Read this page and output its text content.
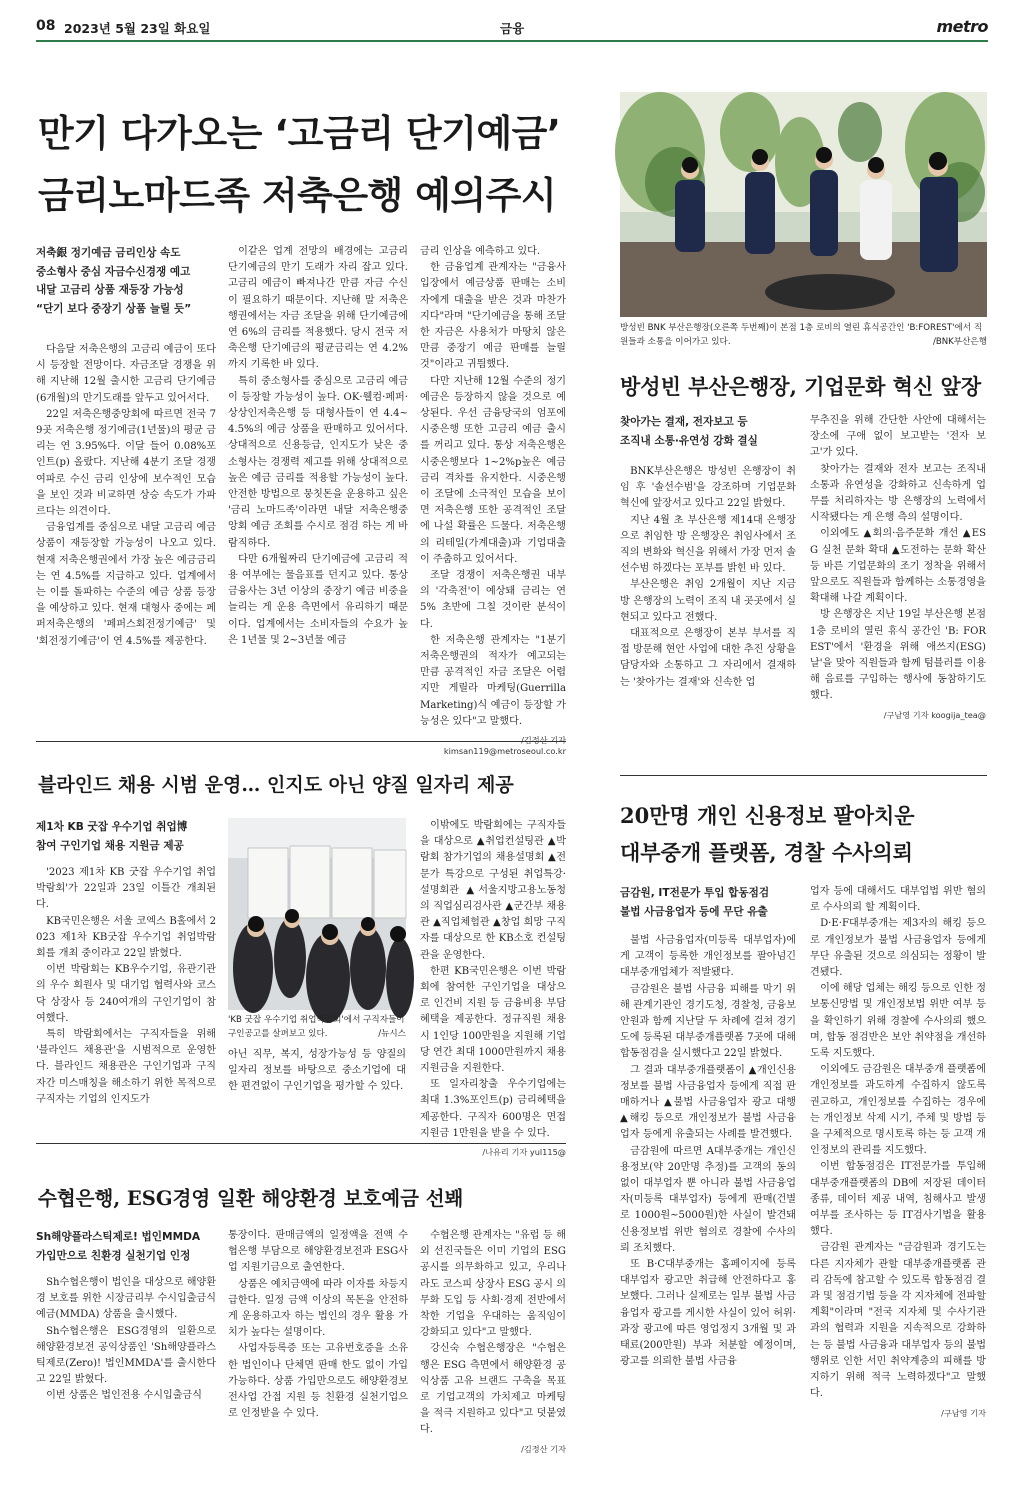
08 2023년 5월 23일 화요일	금융	metro
만기 다가오는 ‘고금리 단기예금’
금리노마드족 저축은행 예의주시
저축銀 정기예금 금리인상 속도
중소형사 중심 자금수신경쟁 예고
내달 고금리 상품 재등장 가능성
“단기 보다 중장기 상품 늘릴 듯”

다음달 저축은행의 고금리 예금이 또다시 등장할 전망이다. 자금조달 경쟁을 위해 지난해 12월 출시한 고금리 단기예금(6개월)의 만기도래를 앞두고 있어서다.

22일 저축은행중앙회에 따르면 전국 79곳 저축은행 정기예금(1년물)의 평균 금리는 연 3.95%다. 이달 들어 0.08%포인트(p) 올랐다. 지난해 4분기 조달 경쟁 여파로 수신 금리 인상에 보수적인 모습을 보인 것과 비교하면 상승 속도가 가파르다는 의견이다.

금융업계를 중심으로 내달 고금리 예금 상품이 재등장할 가능성이 나오고 있다. 현재 저축은행권에서 가장 높은 예금금리는 연 4.5%를 지급하고 있다. 업계에서는 이를 돌파하는 수준의 예금 상품 등장을 예상하고 있다. 현재 대형사 중에는 페퍼저축은행의 '페퍼스회전정기예금' 및 '회전정기예금'이 연 4.5%를 제공한다.

이같은 업계 전망의 배경에는 고금리 단기예금의 만기 도래가 자리 잡고 있다. 고금리 예금이 빠져나간 만큼 자금 수신이 필요하기 때문이다. 지난해 말 저축은행권에서는 자금 조달을 위해 단기예금에 연 6%의 금리를 적용했다. 당시 전국 저축은행 단기예금의 평균금리는 연 4.2%까지 기록한 바 있다.

특히 중소형사를 중심으로 고금리 예금이 등장할 가능성이 높다. OK·웰컴·페퍼·상상인저축은행 등 대형사들이 연 4.4~4.5%의 예금 상품을 판매하고 있어서다. 상대적으로 신용등급, 인지도가 낮은 중소형사는 경쟁력 제고를 위해 상대적으로 높은 예금 금리를 적용할 가능성이 높다. 안전한 방법으로 뭉칫돈을 운용하고 싶은 '금리 노마드족'이라면 내달 저축은행중앙회 예금 조회를 수시로 점검 하는 게 바람직하다.

다만 6개월짜리 단기예금에 고금리 적용 여부에는 물음표를 던지고 있다. 통상 금융사는 3년 이상의 중장기 예금 비중을 늘리는 게 운용 측면에서 유리하기 때문이다. 업계에서는 소비자들의 수요가 높은 1년물 및 2~3년물 예금

금리 인상을 예측하고 있다.

한 금융업계 관계자는 "금융사 입장에서 예금상품 판매는 소비자에게 대출을 받은 것과 마찬가지다"라며 "단기예금을 통해 조달한 자금은 사용처가 마땅치 않은 만큼 중장기 예금 판매를 늘릴 것"이라고 귀띔했다.

다만 지난해 12월 수준의 정기 예금은 등장하지 않을 것으로 예상된다. 우선 금융당국의 엄포에 시중은행 또한 고금리 예금 출시를 꺼리고 있다. 통상 저축은행은 시중은행보다 1~2%p높은 예금 금리 격차를 유지한다. 시중은행이 조달에 소극적인 모습을 보이면 저축은행 또한 공격적인 조달에 나설 확률은 드물다. 저축은행의 리테일(가계대출)과 기업대출이 주춤하고 있어서다.

조달 경쟁이 저축은행권 내부의 '각축전'이 예상돼 금리는 연 5% 초반에 그칠 것이란 분석이다.

한 저축은행 관계자는 "1분기 저축은행권의 적자가 예고되는 만큼 공격적인 자금 조달은 어렵지만 게릴라 마케팅(Guerrilla Marketing)식 예금이 등장할 가능성은 있다"고 말했다.

kimsan119@metroseoul.co.kr
방성빈 BNK 부산은행장(오른쪽 두번째)이 본점 1층 로비의 열린 휴식공간인 'B:FOREST'에서 직원들과 소통을 이어가고 있다.	/BNK부산은행
방성빈 부산은행장, 기업문화 혁신 앞장
찾아가는 결재, 전자보고 등
조직내 소통·유연성 강화 결실

BNK부산은행은 방성빈 은행장이 취임 후 '솔선수범'을 강조하며 기업문화 혁신에 앞장서고 있다고 22일 밝혔다.

지난 4월 초 부산은행 제14대 은행장으로 취임한 방 은행장은 취임사에서 조직의 변화와 혁신을 위해서 가장 먼저 솔선수범 하겠다는 포부를 밝힌 바 있다.

부산은행은 취임 2개월이 지난 지금 방 은행장의 노력이 조직 내 곳곳에서 실현되고 있다고 전했다.

대표적으로 은행장이 본부 부서를 직접 방문해 현안 사업에 대한 추진 상황을 담당자와 소통하고 그 자리에서 결재하는 '찾아가는 결재'와 신속한 업

무추진을 위해 간단한 사안에 대해서는 장소에 구애 없이 보고받는 '전자 보고'가 있다.

찾아가는 결재와 전자 보고는 조직내 소통과 유연성을 강화하고 신속하게 업무를 처리하자는 방 은행장의 노력에서 시작됐다는 게 은행 측의 설명이다.

이외에도 ▲회의·음주문화 개선 ▲ESG 실천 문화 확대 ▲도전하는 문화 확산 등 바른 기업문화의 조기 정착을 위해서 앞으로도 직원들과 함께하는 소통경영을 확대해 나갈 계획이다.

방 은행장은 지난 19일 부산은행 본점 1층 로비의 열린 휴식 공간인 'B: FOREST'에서 '환경을 위해 애쓰지(ESG) 날'을 맞아 직원들과 함께 텀블러를 이용해 음료를 구입하는 행사에 동참하기도 했다.

/구남영 기자 koogija_tea@
블라인드 채용 시범 운영… 인지도 아닌 양질 일자리 제공
제1차 KB 굿잡 우수기업 취업博
참여 구인기업 채용 지원금 제공

'2023 제1차 KB 굿잡 우수기업 취업박람회'가 22일과 23일 이틀간 개최된다.

KB국민은행은 서울 코엑스 B홀에서 2023 제1차 KB굿잡 우수기업 취업박람회를 개최 중이라고 22일 밝혔다.

이번 박람회는 KB우수기업, 유관기관의 우수 회원사 및 대기업 협력사와 코스닥 상장사 등 240여개의 구인기업이 참여했다.

특히 박람회에서는 구직자들을 위해 '블라인드 채용관'을 시범적으로 운영한다. 블라인드 채용관은 구인기업과 구직자간 미스매칭을 해소하기 위한 목적으로 구직자는 기업의 인지도가

'KB 굿잡 우수기업 취업박람회'에서 구직자들이 구인공고를 살펴보고 있다.	/뉴시스

아닌 직무, 복지, 성장가능성 등 양질의 일자리 정보를 바탕으로 중소기업에 대한 편견없이 구인기업을 평가할 수 있다.

이밖에도 박람회에는 구직자들을 대상으로 ▲취업컨설팅관 ▲박람회 참가기업의 채용설명회 ▲전문가 특강으로 구성된 취업특강·설명회관 ▲서울지방고용노동청의 직업심리검사관 ▲군간부 채용관 ▲직업체험관 ▲창업 희망 구직자를 대상으로 한 KB소호 컨설팅관을 운영한다.

한편 KB국민은행은 이번 박람회에 참여한 구인기업을 대상으로 인건비 지원 등 금융비용 부담혜택을 제공한다. 정규직원 채용시 1인당 100만원을 지원해 기업당 연간 최대 1000만원까지 채용지원금을 지원한다.

또 일자리창출 우수기업에는 최대 1.3%포인트(p) 금리혜택을 제공한다. 구직자 600명은 면접지원금 1만원을 받을 수 있다.

/나유리 기자 yul115@
20만명 개인 신용정보 팔아치운
대부중개 플랫폼, 경찰 수사의뢰
금감원, IT전문가 투입 합동점검
불법 사금융업자 등에 무단 유출

불법 사금융업자(미등록 대부업자)에게 고객이 등록한 개인정보를 팔아넘긴 대부중개업체가 적발됐다.

금감원은 불법 사금융 피해를 막기 위해 관계기관인 경기도청, 경찰청, 금융보안원과 함께 지난달 두 차례에 걸쳐 경기도에 등록된 대부중개플랫폼 7곳에 대해 합동점검을 실시했다고 22일 밝혔다.

그 결과 대부중개플랫폼이 ▲개인신용정보를 불법 사금융업자 등에게 직접 판매하거나 ▲불법 사금융업자 광고 대행 ▲해킹 등으로 개인정보가 불법 사금융업자 등에게 유출되는 사례를 발견했다.

금감원에 따르면 A대부중개는 개인신용정보(약 20만명 추정)를 고객의 동의 없이 대부업자 뿐 아니라 불법 사금융업자(미등록 대부업자) 등에게 판매(건별로 1000원~5000원)한 사실이 발견돼 신용정보법 위반 혐의로 경찰에 수사의뢰 조치했다.

또 B·C대부중개는 홈페이지에 등록 대부업자 광고만 취급해 안전하다고 홍보했다. 그러나 실제로는 일부 불법 사금융업자 광고를 게시한 사실이 있어 허위·과장 광고에 따른 영업정지 3개월 및 과태료(200만원) 부과 처분할 예정이며, 광고를 의뢰한 불법 사금융

업자 등에 대해서도 대부업법 위반 혐의로 수사의뢰 할 계획이다.

D·E·F대부중개는 제3자의 해킹 등으로 개인정보가 불법 사금융업자 등에게 무단 유출된 것으로 의심되는 정황이 발견됐다.

이에 해당 업체는 해킹 등으로 인한 정보통신망법 및 개인정보법 위반 여부 등을 확인하기 위해 경찰에 수사의뢰 했으며, 합동 점검반은 보안 취약점을 개선하도록 지도했다.

이외에도 금감원은 대부중개 플랫폼에 개인정보를 과도하게 수집하지 않도록 권고하고, 개인정보를 수집하는 경우에는 개인정보 삭제 시기, 주체 및 방법 등을 구체적으로 명시토록 하는 등 고객 개인정보의 관리를 지도했다.

이번 합동점검은 IT전문가를 투입해 대부중개플랫폼의 DB에 저장된 데이터 종류, 데이터 제공 내역, 침해사고 발생여부를 조사하는 등 IT검사기법을 활용했다.

금감원 관계자는 "금감원과 경기도는 다른 지자체가 관할 대부중개플랫폼 관리 감독에 참고할 수 있도록 합동점검 결과 및 점검기법 등을 각 지자체에 전파할 계획"이라며 "전국 지자체 및 수사기관과의 협력과 지원을 지속적으로 강화하는 등 불법 사금융과 대부업자 등의 불법행위로 인한 서민 취약계층의 피해를 방지하기 위해 적극 노력하겠다"고 말했다.

/구남영 기자
수협은행, ESG경영 일환 해양환경 보호예금 선봬
Sh해양플라스틱제로! 법인MMDA
가입만으로 친환경 실천기업 인정

Sh수협은행이 법인을 대상으로 해양환경 보호를 위한 시장금리부 수시입출금식 예금(MMDA) 상품을 출시했다.

Sh수협은행은 ESG경영의 일환으로 해양환경보전 공익상품인 'Sh해양플라스틱제로(Zero)! 법인MMDA'를 출시한다고 22일 밝혔다.

이번 상품은 법인전용 수시입출금식

통장이다. 판매금액의 일정액을 전액 수협은행 부담으로 해양환경보전과 ESG사업 지원기금으로 출연한다.

상품은 예치금액에 따라 이자를 차등지급한다. 일정 금액 이상의 목돈을 안전하게 운용하고자 하는 법인의 경우 활용 가치가 높다는 설명이다.

사업자등록증 또는 고유번호증을 소유한 법인이나 단체면 판매 한도 없이 가입 가능하다. 상품 가입만으로도 해양환경보전사업 간접 지원 등 친환경 실천기업으로 인정받을 수 있다.

수협은행 관계자는 "유럽 등 해외 선진국들은 이미 기업의 ESG 공시를 의무화하고 있고, 우리나라도 코스피 상장사 ESG 공시 의무화 도입 등 사회·경제 전반에서 착한 기업을 우대하는 움직임이 강화되고 있다"고 말했다.

강신숙 수협은행장은 "수협은행은 ESG 측면에서 해양환경 공익상품 고유 브랜드 구축을 목표로 기업고객의 가치제고 마케팅을 적극 지원하고 있다"고 덧붙였다.

/김정산 기자
